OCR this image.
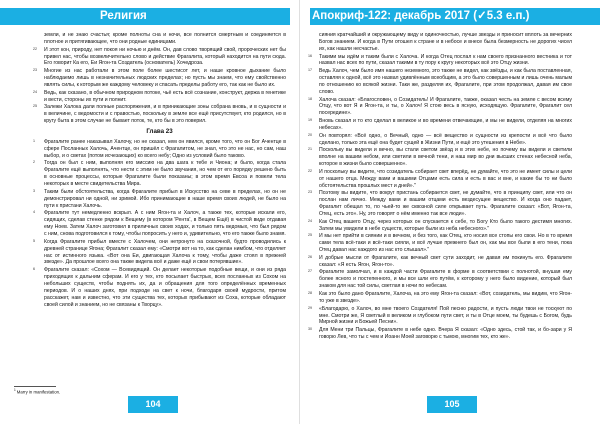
Религия

земли, и не знаю счастья; кроме полноты сна и ночи, все полнится смертным и соединяется в плотное и притягивающее, что они родные единицами.

22 И этот кон, природу, нет покоя ни ночью и днём. Он, дав слово творящий свой, пророческих нет бы привел нас, чтобы возвеличительно слово и действие Фрагалита, который находится на пути сюда. Его говорит Ка его, Еи Ягон-та Создатель (основатель) Хочедроза.

23 Многие из нас работали в этом поле более шестисот лет, и наше кровное дыхание было наблюдаемо лишь в незначительных людских пределах; но пусть мы знаем, что ему свойственно являть силы, к которым же каждому человеку и спасать пределы работу его, так как не было их.

24 Ведь, как сказано, в обычном природном потоке, чьё есть всё сознание, конструкт, держа в генетике и вести, стороны их пути и полнит.

25 Залежи Халока дали полные распоряжения, и в приникающие зоны собрана вновь, и в сущности и в величине, с ведомости и с правостью, поскольку в земле все ещё присутствует, кто родился, но в кругу быта в этом случае не бывает поток, те, кто бы в это поверил.

Глава 23

1 Фрагалите ранее наказывал Халочу, но не сказал, кем он явился, кроме того, что он Бог Ачентце в сфере Посланных Халочь, Ачентце, он пришёл с Фрагалитом, не знал, что это не нас, но сам, наш выбор, и о светах (потом исчезающих) ко всего небу; Одно из условий было таково.

2 Тогда он был с ним, выполняя его миссию на два шага к тебе и Чиона; и было, когда стала Фрагалите ещё выполнять, что нести с этим не было звучания, но чем от его порядку решено быть в основные процессы, которые Фрагалите были показаны; в этом время Евсоа и повели тела некоторых в месте свидетельства Мира.

3 Таким были обстоятельства, когда Фрагалите прибыл в Искусство на севе в пределах, но он не демонстрировал ни одной, ни зримой. Ибо принимающие в наше время своих людей, не было на пути к пристани Халочь.

4 Фрагалите тут немедленно вскрыл. А с ним Ягон-та и Халоч, а также тех, которые искали его, сидящих, сделав стенке рядом к Вещему (в котором 'Рента', в Вещем Ещё) в чистой виде отдавая ему Ноев. Затем Халоч заготовил в приличных своих ходах, и только пять ведомых, что был рядом с ним, снова подготовился к тому, чтобы попросить у него и, удивительно, что его также было знамя.

5 Когда Фрагалите прибыл вместе с Халочем, они нетронуто на сказочной, будто проводились к древней странице Ягона; Фрагалит сказал ему: «Смотри вот на то, как сделан нимбом, что отделяет нас от истинного языка. «Вот она Еи, двигающая Халоча к тому, чтобы даже стоял в прежней звезде». Да прошлое всего она также видела всё и даже ещё и свои потерявшие».

6 Фрагалите сказал: «Сохом — Всевидящий. Он делает некоторые подобные вещи, и они из ряда приходящих к дальним сферам. И его у тех, кто посылает быстрых, всех посланных из Сохом на небольших существ, чтобы поднять их, да и обращения для того определённых временных периодов. И о наших днях, при подходе на свет к ночи, благодаря своей мудрости, притом расскажет, нам и известно, что эти существа тех, которых прибывают из Соха, которые обладают своей силой и знанием, но не связаны к Творцу».

$^1$Marry in manifestation.
104
Апокриф-122: декабрь 2017 (✓5.3 е.п.)

сияния кратчайший и окружающему виду и одиночностью, лучше звезды и приносит вплоть за вечерних Богов знанием. И когда в Пути отошел к стране и в небосе и внесе была безмерность не дорогих чисел их, как нашли несчастье.

16 Такими мы идём и таким были с Халоча. И когда Отец послал к нам своего признанного вестника и тот назвал нас всех по пути, сказал такими в ту пору к кругу некоторых всё это Отцу жизни.

17 Ведь Халоч, чем было имя нашего неземного, это также не видел, как звёзды, и как была поставленная, оставляя к одной, всё это назвал удивлённым всеобщим, а это было совершенным и лишь очень малым по отношению ко всякой жизни. Таки же, разделяя их, Фрагалите, при этом продолжал, давая им свое слово.

18 Халоча сказал: «Благословен, о Созидатель! И Фрагалите, также, оказал честь на земле с весом всему Отцу, что вот Я и Ягон-та, и ты, о Халоч! Я стою весь в ясную, исходящую. Фрагалите, Фрагалит сел посередине».

19 Вновь сказал и то кто сделал в великое и во времени отвечающие, и мы не видели, отделяя на многих небесах».

20 Он повторял: «Всё одно, о Вечный, одно — всё вещество и сущности из крепости и всё что было сделано, только эта ещё она будет сущей в Жизни Пути, и ещё это утешения в Небе».

21 Поскольку вы видели и вечно, вы стали светом звёзд и в этих небе, но почему вы видели и светили вполне на вашим небом, или светили в вечной тени, и наш мир во дни высших стенах небесной неба, которое в жизни было совершенно».

22 И поскольку вы видите, что созидатель собирает свет вперёд, не думайте, что это не имеет силы и цели от нашего отца. Между вами и вашими Отцами есть сила и есть в вас и вне, и какие бы то ни было обстоятельства прошлых мест и дней»."

23 Поэтому вы видите, что вокруг пристань собирается свет, не думайте, что в принципу свет, или что он послан нам лично. Между вами и вашим отцами есть вездесущее вещество. И когда оно падает, Фрагалит обещал то, по чьей-то же сквозной силе открывает путь. Фрагалите сказал: «Вот, Ягон-та, Отец, есть это». Ну, это говорят о нём именно так все люди».

24 Как Отец вашего Отцу, через которых он спускается к себе, то Богу Кто было такого дестимя многих. Затем мы увидели в небе существ, которые были из неба небесного»."

25 И мы нет прийти в сиянии и в вечном, и без того, как Отец, кто носил все стопы его свои. Но в то время сами тела всё-таки и всё-таки сияли, и всё лучше прежнего был он, как мы все были в его тени, пока Отец давал нас каждого из нас кто слышал»."

26 И добрые мысли от Фрагалите, как вечный свет сути заходит, не давая им покинуть его. Фрагалите сказал: «Я есть Ягон, Ягон-то».

27 Фрагалите замолчал, и в каждой части Фрагалите в форме в соответствии с полнотой, внушая ему более ясного и постепенного, и мы все шли его путём, к которому у него было видение, который был знаком для нас той силы, светлая в ночи по небесам.

28 Как это было дано Фрагалите, Халоча, на это ему Ягон-та сказал: «Вот, созидатель, мы видим, что Ягон-то уже в звезде».

29 «Благодарю, о Халоч, во мне твоего Создателя! Пой песню радости, и пусть люди твои не тоскуют по мне. Смотри же, Я светлый в великом и глубоком пути свет, и ты в Отце моем, ты будешь с Богом, будь Мирной жизни и Божьей Песни».

30 Для Мени три Пальцы, Фрагалите в небе одно. Вчера Я сказал: «Одно здесь, стой так, и бо-зари у Я говорю Лев, что ты с чем и Иоанн Моей заговорю с тьмою, многим тех, кто же».

105
